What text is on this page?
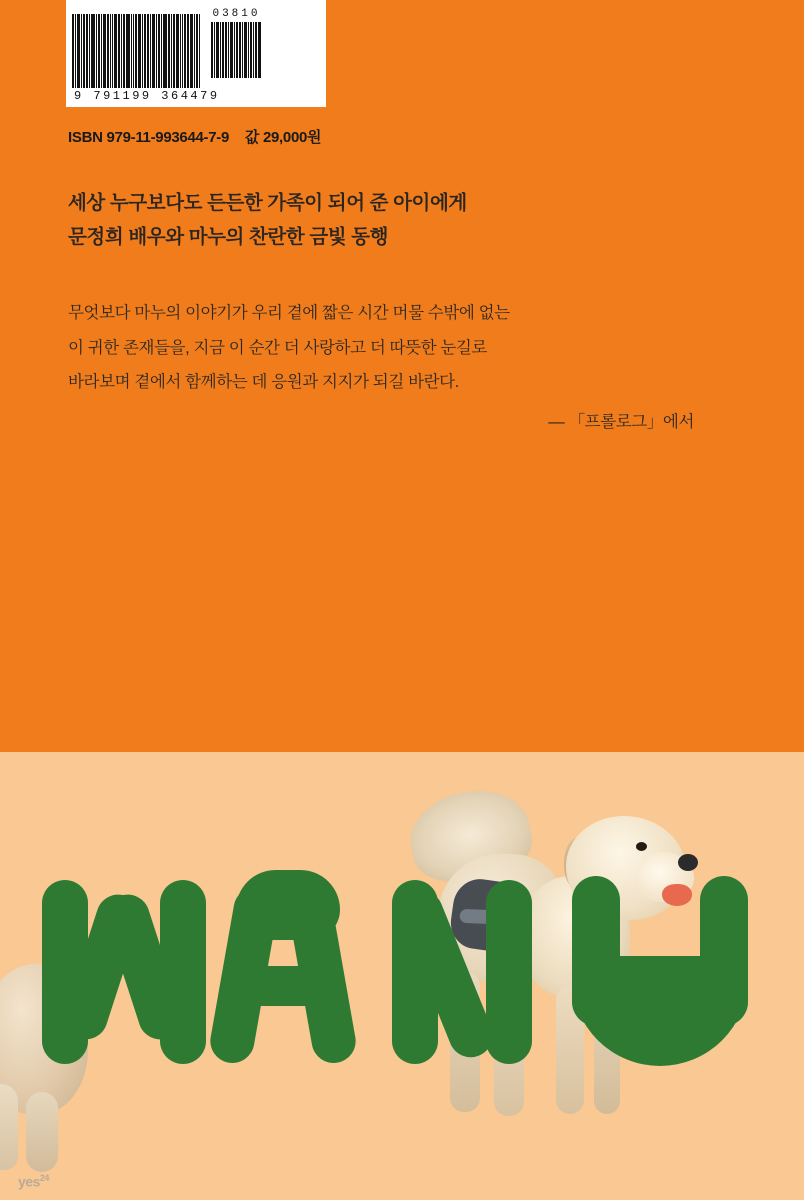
03810
9 791199 364479
ISBN 979-11-993644-7-9 값 29,000원
세상 누구보다도 든든한 가족이 되어 준 아이에게
문정희 배우와 마누의 찬란한 금빛 동행
무엇보다 마누의 이야기가 우리 곁에 짧은 시간 머물 수밖에 없는
이 귀한 존재들을, 지금 이 순간 더 사랑하고 더 따뜻한 눈길로
바라보며 곁에서 함께하는 데 응원과 지지가 되길 바란다.
— 「프롤로그」에서
yes$^{24}$
